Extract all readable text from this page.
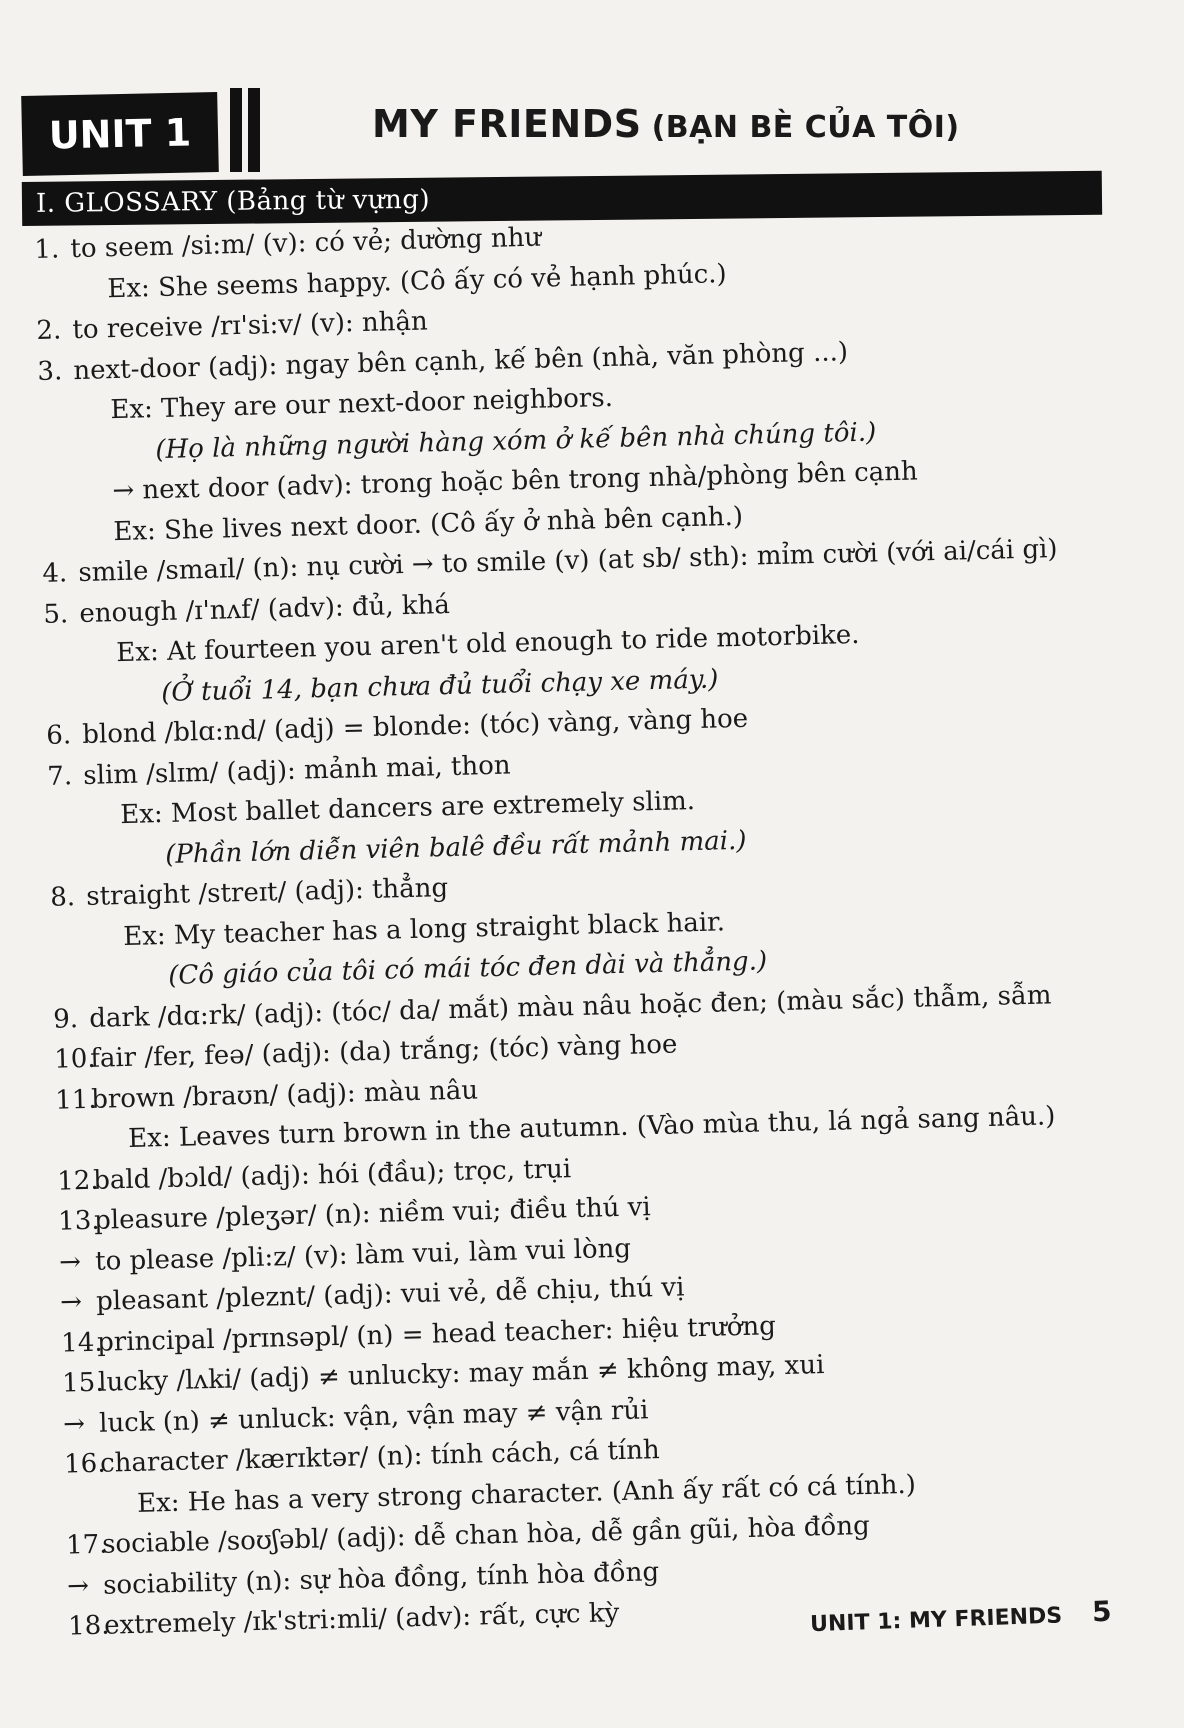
UNIT 1	MY FRIENDS (BẠN BÈ CỦA TÔI)
I. GLOSSARY (Bảng từ vựng)
1. to seem /si:m/ (v): có vẻ; dường như
Ex: She seems happy. (Cô ấy có vẻ hạnh phúc.)
2. to receive /rɪ'si:v/ (v): nhận
3. next-door (adj): ngay bên cạnh, kế bên (nhà, văn phòng ...)
Ex: They are our next-door neighbors.
(Họ là những người hàng xóm ở kế bên nhà chúng tôi.)
→ next door (adv): trong hoặc bên trong nhà/phòng bên cạnh
Ex: She lives next door. (Cô ấy ở nhà bên cạnh.)
4. smile /smaɪl/ (n): nụ cười → to smile (v) (at sb/ sth): mỉm cười (với ai/cái gì)
5. enough /ɪ'nʌf/ (adv): đủ, khá
Ex: At fourteen you aren't old enough to ride motorbike.
(Ở tuổi 14, bạn chưa đủ tuổi chạy xe máy.)
6. blond /blɑ:nd/ (adj) = blonde: (tóc) vàng, vàng hoe
7. slim /slɪm/ (adj): mảnh mai, thon
Ex: Most ballet dancers are extremely slim.
(Phần lớn diễn viên balê đều rất mảnh mai.)
8. straight /streɪt/ (adj): thẳng
Ex: My teacher has a long straight black hair.
(Cô giáo của tôi có mái tóc đen dài và thẳng.)
9. dark /dɑ:rk/ (adj): (tóc/ da/ mắt) màu nâu hoặc đen; (màu sắc) thẫm, sẫm
10.fair /fer, feə/ (adj): (da) trắng; (tóc) vàng hoe
11.brown /braʊn/ (adj): màu nâu
Ex: Leaves turn brown in the autumn. (Vào mùa thu, lá ngả sang nâu.)
12.bald /bɔld/ (adj): hói (đầu); trọc, trụi
13.pleasure /pleʒər/ (n): niềm vui; điều thú vị
→ to please /pli:z/ (v): làm vui, làm vui lòng
→ pleasant /pleznt/ (adj): vui vẻ, dễ chịu, thú vị
14.principal /prɪnsəpl/ (n) = head teacher: hiệu trưởng
15.lucky /lʌki/ (adj) ≠ unlucky: may mắn ≠ không may, xui
→ luck (n) ≠ unluck: vận, vận may ≠ vận rủi
16.character /kærɪktər/ (n): tính cách, cá tính
Ex: He has a very strong character. (Anh ấy rất có cá tính.)
17.sociable /soʊʃəbl/ (adj): dễ chan hòa, dễ gần gũi, hòa đồng
→ sociability (n): sự hòa đồng, tính hòa đồng
18.extremely /ɪk'stri:mli/ (adv): rất, cực kỳ	UNIT 1: MY FRIENDS 5
